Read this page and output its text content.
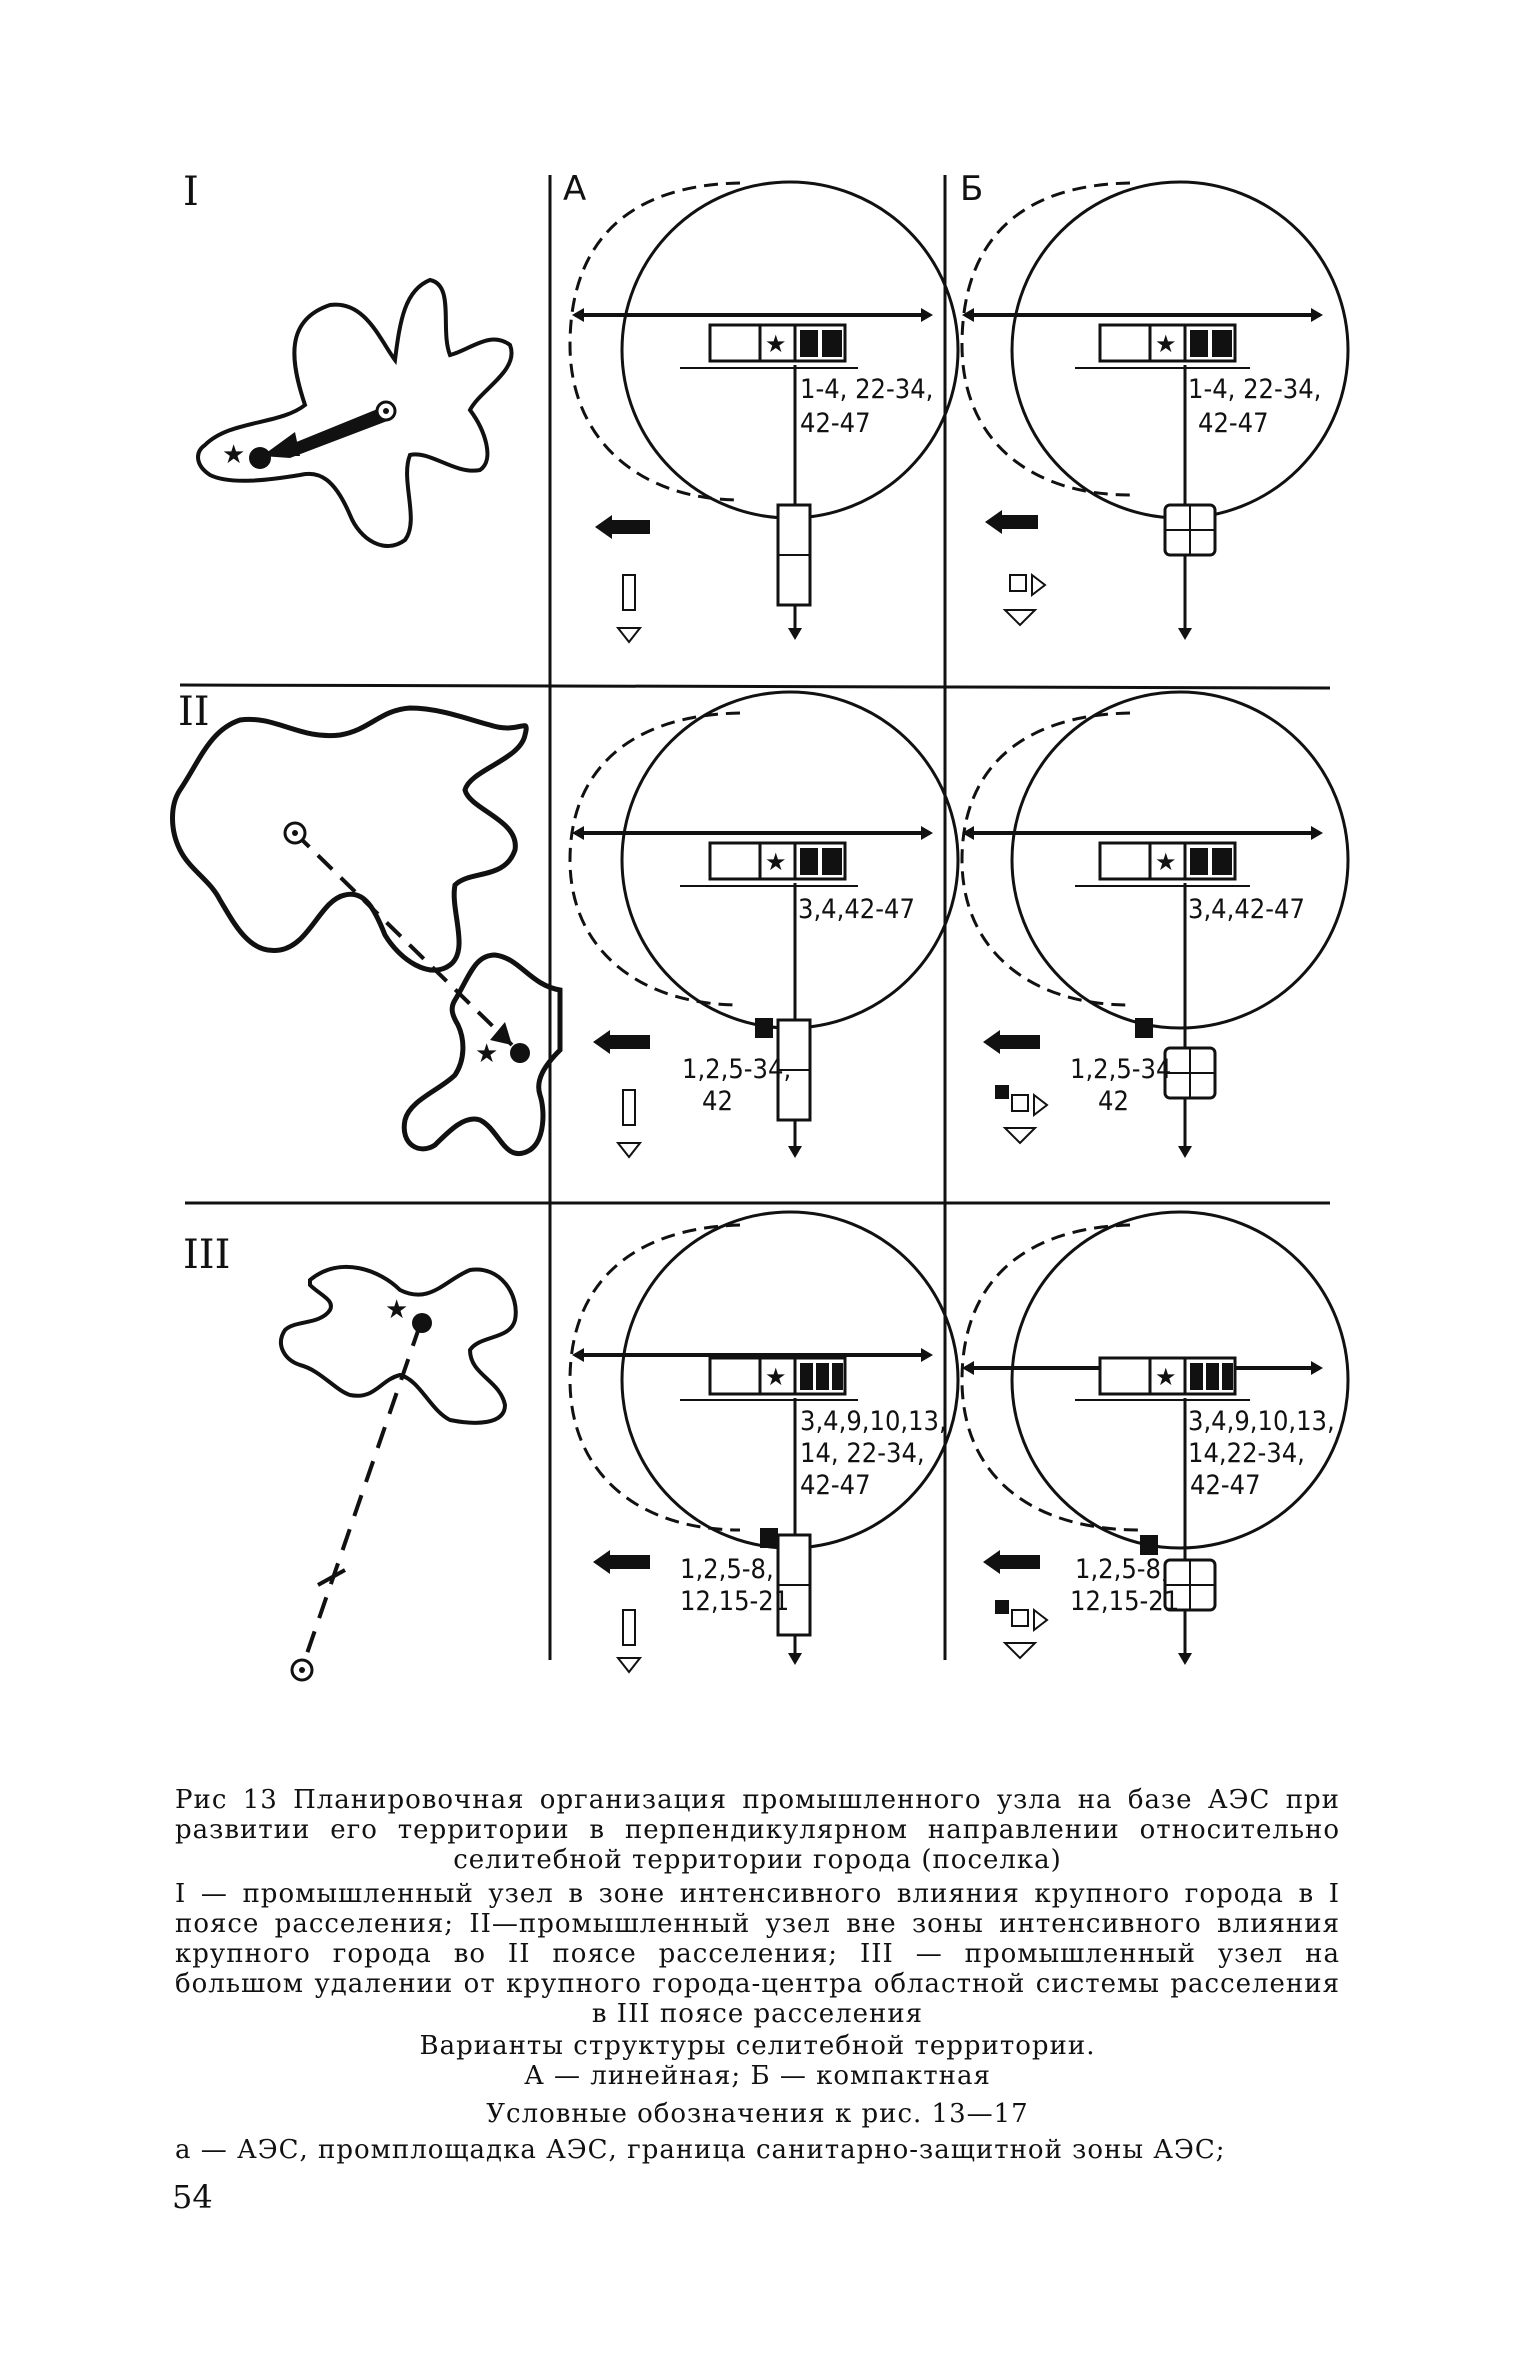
I
II
III
А	Б
★
★
★
★
1-4, 22-34,
42-47
★
1-4, 22-34,
42-47
★
3,4,42-47
1,2,5-34,
42
★
3,4,42-47
1,2,5-34
42
★
3,4,9,10,13,
14, 22-34,
42-47
1,2,5-8,
12,15-21
★
3,4,9,10,13,
14,22-34,
42-47
1,2,5-8,
12,15-21

Рис 13 Планировочная организация промышленного узла на базе АЭС при развитии его территории в перпендикулярном направлении относительно селитебной территории города (поселка)

I — промышленный узел в зоне интенсивного влияния крупного города в I поясе расселения; II—промышленный узел вне зоны интенсивного влияния крупного города во II поясе расселения; III — промышленный узел на большом удалении от крупного города-центра областной системы расселения в III поясе расселения

Варианты структуры селитебной территории.

А — линейная; Б — компактная

Условные обозначения к рис. 13—17

а — АЭС, промплощадка АЭС, граница санитарно-защитной зоны АЭС;

54
